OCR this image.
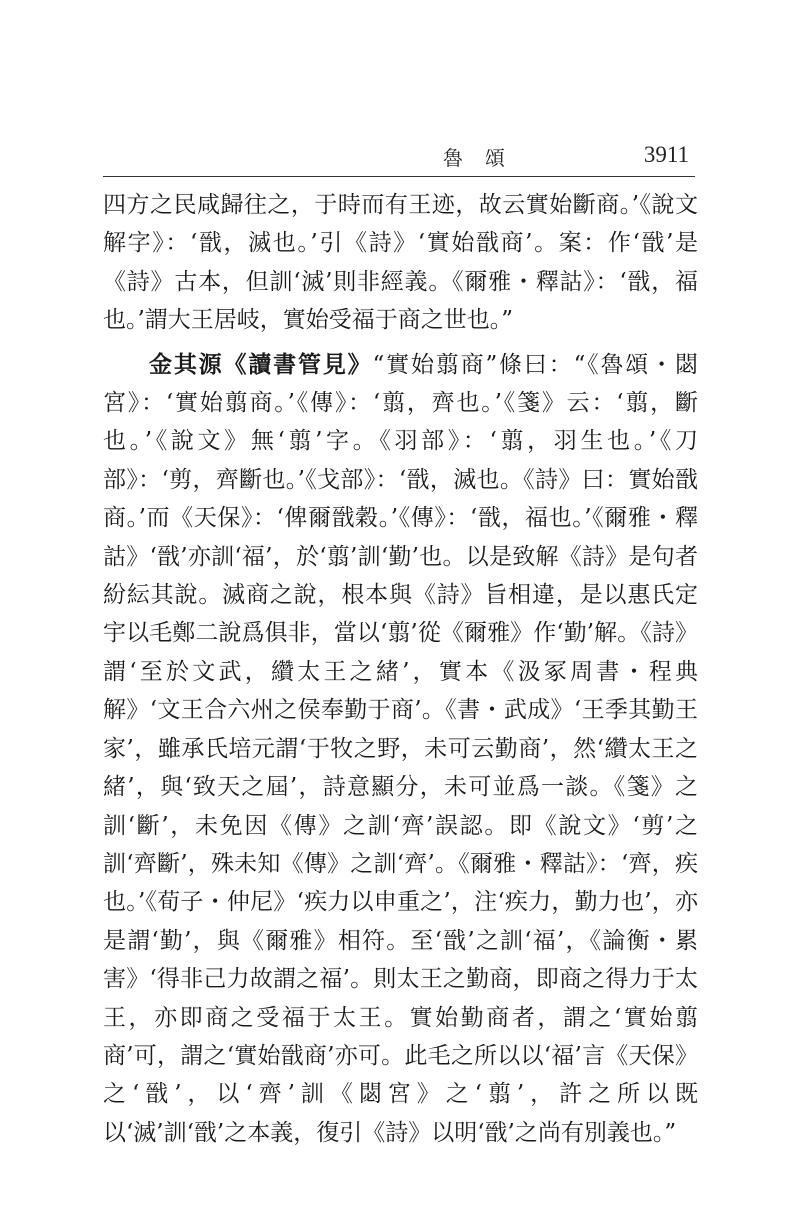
魯頌	3911

四方之民咸歸往之，于時而有王迹，故云實始斷商。’《說文解字》：‘戩，滅也。’引《詩》‘實始戩商’。案：作‘戩’是《詩》古本，但訓‘滅’則非經義。《爾雅・釋詁》：‘戩，福也。’謂大王居岐，實始受福于商之世也。”

金其源《讀書管見》“實始翦商”條曰：“《魯頌・閟宮》：‘實始翦商。’《傳》：‘翦，齊也。’《箋》云：‘翦，斷也。’《說文》無‘翦’字。《羽部》：‘翦，羽生也。’《刀部》：‘剪，齊斷也。’《戈部》：‘戩，滅也。《詩》曰：實始戩商。’而《天保》：‘俾爾戩穀。’《傳》：‘戩，福也。’《爾雅・釋詁》‘戩’亦訓‘福’，於‘翦’訓‘勤’也。以是致解《詩》是句者紛紜其說。滅商之說，根本與《詩》旨相違，是以惠氏定宇以毛鄭二說爲俱非，當以‘翦’從《爾雅》作‘勤’解。《詩》謂‘至於文武，纘太王之緒’，實本《汲冢周書・程典解》‘文王合六州之侯奉勤于商’。《書・武成》‘王季其勤王家’，雖承氏培元謂‘于牧之野，未可云勤商’，然‘纘太王之緒’，與‘致天之屆’，詩意顯分，未可並爲一談。《箋》之訓‘斷’，未免因《傳》之訓‘齊’誤認。即《說文》‘剪’之訓‘齊斷’，殊未知《傳》之訓‘齊’。《爾雅・釋詁》：‘齊，疾也。’《荀子・仲尼》‘疾力以申重之’，注‘疾力，勤力也’，亦是謂‘勤’，與《爾雅》相符。至‘戩’之訓‘福’，《論衡・累害》‘得非己力故謂之福’。則太王之勤商，即商之得力于太王，亦即商之受福于太王。實始勤商者，謂之‘實始翦商’可，謂之‘實始戩商’亦可。此毛之所以以‘福’言《天保》之‘戩’，以‘齊’訓《閟宮》之‘翦’，許之所以既以‘滅’訓‘戩’之本義，復引《詩》以明‘戩’之尚有別義也。”
